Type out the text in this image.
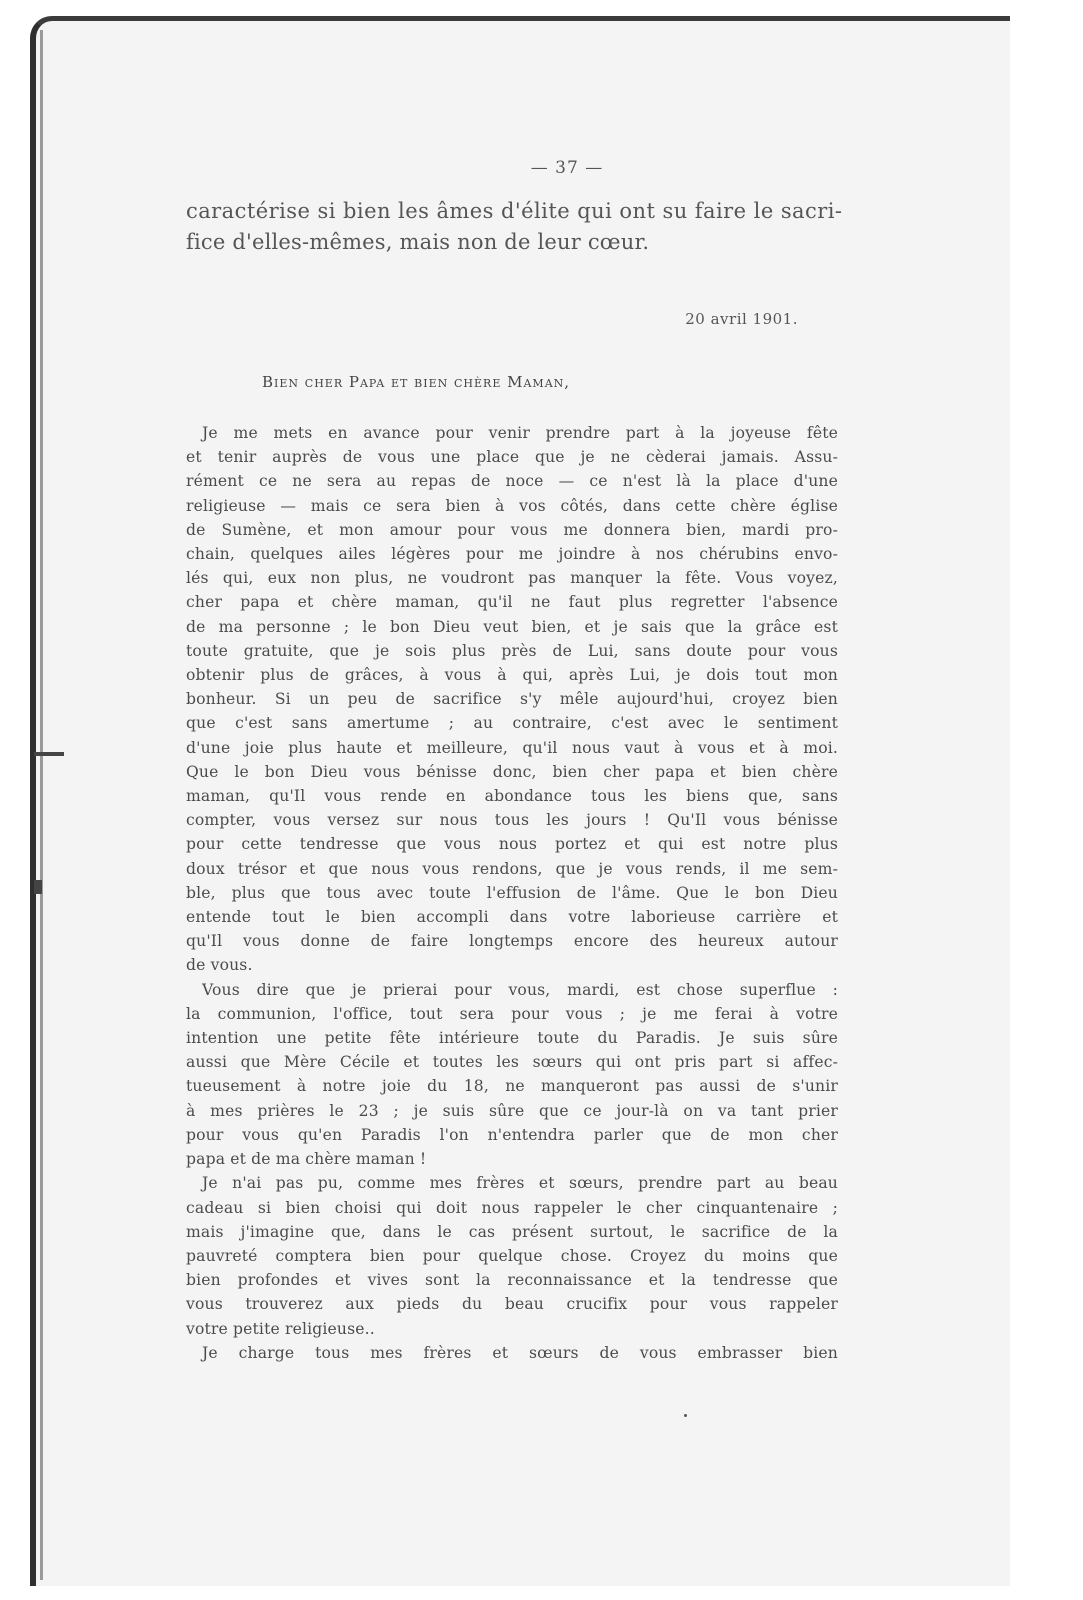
— 37 —
caractérise si bien les âmes d'élite qui ont su faire le sacri-
fice d'elles-mêmes, mais non de leur cœur.
20 avril 1901.
Bien cher Papa et bien chère Maman,
Je me mets en avance pour venir prendre part à la joyeuse fête
et tenir auprès de vous une place que je ne cèderai jamais. Assu-
rément ce ne sera au repas de noce — ce n'est là la place d'une
religieuse — mais ce sera bien à vos côtés, dans cette chère église
de Sumène, et mon amour pour vous me donnera bien, mardi pro-
chain, quelques ailes légères pour me joindre à nos chérubins envo-
lés qui, eux non plus, ne voudront pas manquer la fête. Vous voyez,
cher papa et chère maman, qu'il ne faut plus regretter l'absence
de ma personne ; le bon Dieu veut bien, et je sais que la grâce est
toute gratuite, que je sois plus près de Lui, sans doute pour vous
obtenir plus de grâces, à vous à qui, après Lui, je dois tout mon
bonheur. Si un peu de sacrifice s'y mêle aujourd'hui, croyez bien
que c'est sans amertume ; au contraire, c'est avec le sentiment
d'une joie plus haute et meilleure, qu'il nous vaut à vous et à moi.
Que le bon Dieu vous bénisse donc, bien cher papa et bien chère
maman, qu'Il vous rende en abondance tous les biens que, sans
compter, vous versez sur nous tous les jours ! Qu'Il vous bénisse
pour cette tendresse que vous nous portez et qui est notre plus
doux trésor et que nous vous rendons, que je vous rends, il me sem-
ble, plus que tous avec toute l'effusion de l'âme. Que le bon Dieu
entende tout le bien accompli dans votre laborieuse carrière et
qu'Il vous donne de faire longtemps encore des heureux autour
de vous.
Vous dire que je prierai pour vous, mardi, est chose superflue :
la communion, l'office, tout sera pour vous ; je me ferai à votre
intention une petite fête intérieure toute du Paradis. Je suis sûre
aussi que Mère Cécile et toutes les sœurs qui ont pris part si affec-
tueusement à notre joie du 18, ne manqueront pas aussi de s'unir
à mes prières le 23 ; je suis sûre que ce jour-là on va tant prier
pour vous qu'en Paradis l'on n'entendra parler que de mon cher
papa et de ma chère maman !
Je n'ai pas pu, comme mes frères et sœurs, prendre part au beau
cadeau si bien choisi qui doit nous rappeler le cher cinquantenaire ;
mais j'imagine que, dans le cas présent surtout, le sacrifice de la
pauvreté comptera bien pour quelque chose. Croyez du moins que
bien profondes et vives sont la reconnaissance et la tendresse que
vous trouverez aux pieds du beau crucifix pour vous rappeler
votre petite religieuse..
Je charge tous mes frères et sœurs de vous embrasser bien
